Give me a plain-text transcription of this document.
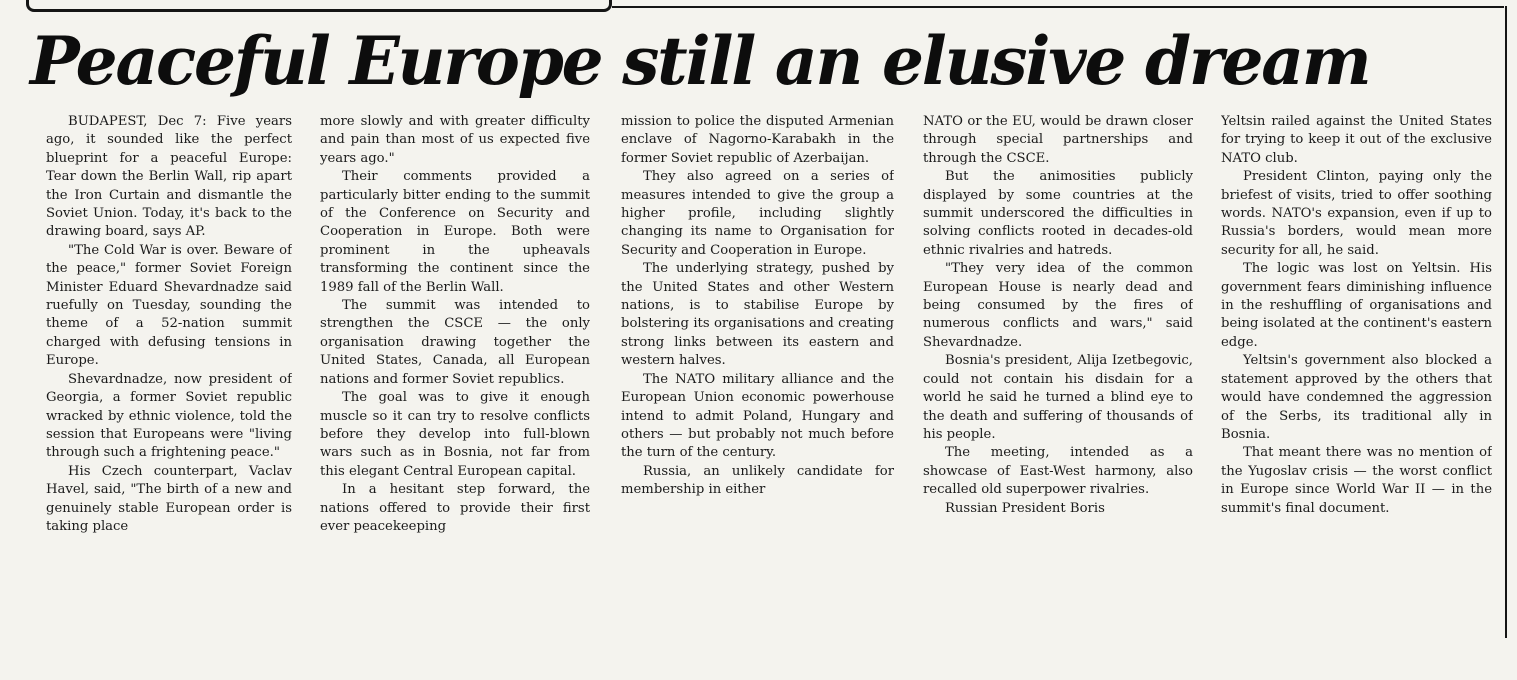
Peaceful Europe still an elusive dream

BUDAPEST, Dec 7: Five years ago, it sounded like the perfect blueprint for a peaceful Europe: Tear down the Berlin Wall, rip apart the Iron Curtain and dismantle the Soviet Union. Today, it's back to the drawing board, says AP.

"The Cold War is over. Beware of the peace," former Soviet Foreign Minister Eduard Shevardnadze said ruefully on Tuesday, sounding the theme of a 52-nation summit charged with defusing tensions in Europe.

Shevardnadze, now president of Georgia, a former Soviet republic wracked by ethnic violence, told the session that Europeans were "living through such a frightening peace."

His Czech counterpart, Vaclav Havel, said, "The birth of a new and genuinely stable European order is taking place

more slowly and with greater difficulty and pain than most of us expected five years ago."

Their comments provided a particularly bitter ending to the summit of the Conference on Security and Cooperation in Europe. Both were prominent in the upheavals transforming the continent since the 1989 fall of the Berlin Wall.

The summit was intended to strengthen the CSCE — the only organisation drawing together the United States, Canada, all European nations and former Soviet republics.

The goal was to give it enough muscle so it can try to resolve conflicts before they develop into full-blown wars such as in Bosnia, not far from this elegant Central European capital.

In a hesitant step forward, the nations offered to provide their first ever peacekeeping

mission to police the disputed Armenian enclave of Nagorno-Karabakh in the former Soviet republic of Azerbaijan.

They also agreed on a series of measures intended to give the group a higher profile, including slightly changing its name to Organisation for Security and Cooperation in Europe.

The underlying strategy, pushed by the United States and other Western nations, is to stabilise Europe by bolstering its organisations and creating strong links between its eastern and western halves.

The NATO military alliance and the European Union economic powerhouse intend to admit Poland, Hungary and others — but probably not much before the turn of the century.

Russia, an unlikely candidate for membership in either

NATO or the EU, would be drawn closer through special partnerships and through the CSCE.

But the animosities publicly displayed by some countries at the summit underscored the difficulties in solving conflicts rooted in decades-old ethnic rivalries and hatreds.

"They very idea of the common European House is nearly dead and being consumed by the fires of numerous conflicts and wars," said Shevardnadze.

Bosnia's president, Alija Izetbegovic, could not contain his disdain for a world he said he turned a blind eye to the death and suffering of thousands of his people.

The meeting, intended as a showcase of East-West harmony, also recalled old superpower rivalries.

Russian President Boris

Yeltsin railed against the United States for trying to keep it out of the exclusive NATO club.

President Clinton, paying only the briefest of visits, tried to offer soothing words. NATO's expansion, even if up to Russia's borders, would mean more security for all, he said.

The logic was lost on Yeltsin. His government fears diminishing influence in the reshuffling of organisations and being isolated at the continent's eastern edge.

Yeltsin's government also blocked a statement approved by the others that would have condemned the aggression of the Serbs, its traditional ally in Bosnia.

That meant there was no mention of the Yugoslav crisis — the worst conflict in Europe since World War II — in the summit's final document.
